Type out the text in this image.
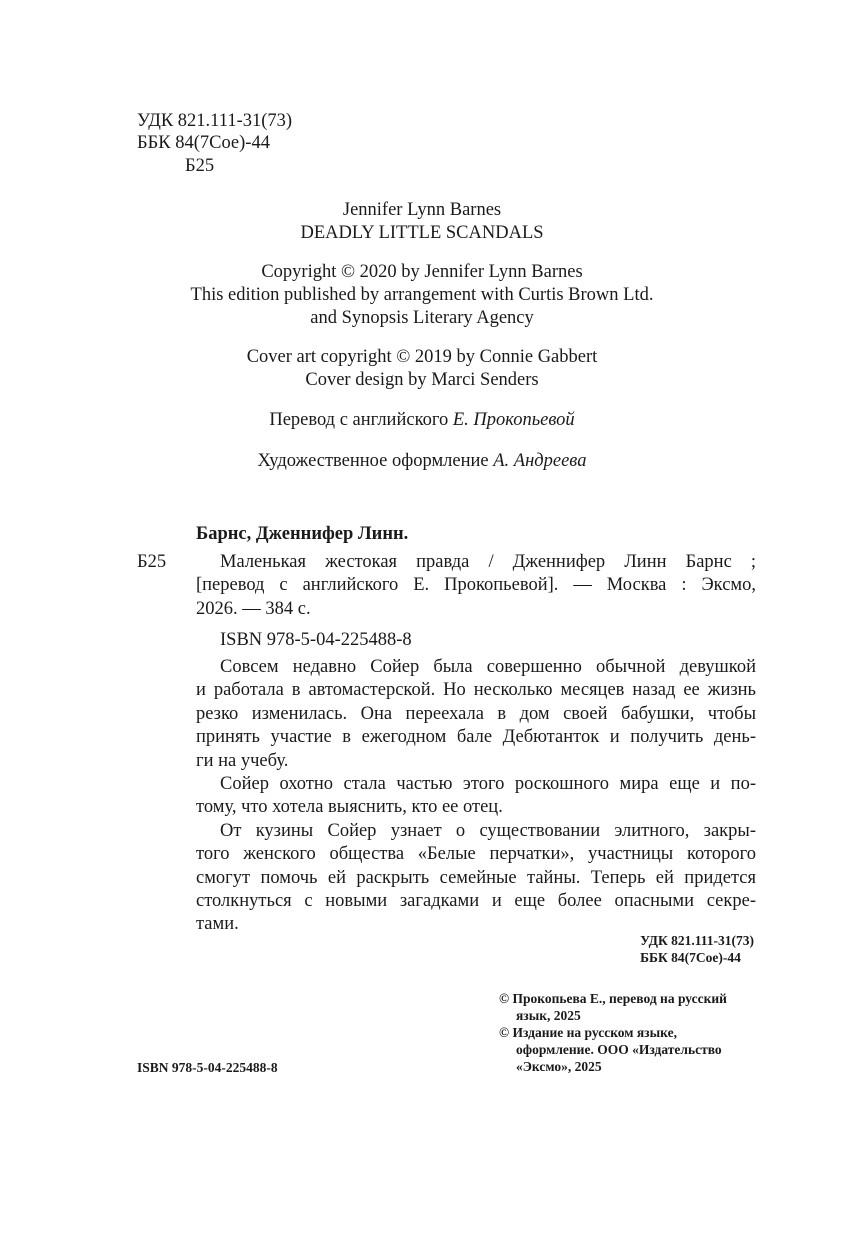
УДК 821.111-31(73)
ББК 84(7Сое)-44
Б25
Jennifer Lynn Barnes
DEADLY LITTLE SCANDALS
Copyright © 2020 by Jennifer Lynn Barnes
This edition published by arrangement with Curtis Brown Ltd.
and Synopsis Literary Agency
Cover art copyright © 2019 by Connie Gabbert
Cover design by Marci Senders
Перевод с английского Е. Прокопьевой
Художественное оформление А. Андреева
Барнс, Дженнифер Линн.
Б25	Маленькая жестокая правда / Дженнифер Линн Барнс ;
[перевод с английского Е. Прокопьевой]. — Москва : Эксмо,
2026. — 384 с.
ISBN 978-5-04-225488-8
Совсем недавно Сойер была совершенно обычной девушкой
и работала в автомастерской. Но несколько месяцев назад ее жизнь
резко изменилась. Она переехала в дом своей бабушки, чтобы
принять участие в ежегодном бале Дебютанток и получить день-
ги на учебу.
Сойер охотно стала частью этого роскошного мира еще и по-
тому, что хотела выяснить, кто ее отец.
От кузины Сойер узнает о существовании элитного, закры-
того женского общества «Белые перчатки», участницы которого
смогут помочь ей раскрыть семейные тайны. Теперь ей придется
столкнуться с новыми загадками и еще более опасными секре-
тами.
УДК 821.111-31(73)
ББК 84(7Сое)-44
ISBN 978-5-04-225488-8
© Прокопьева Е., перевод на русский
язык, 2025
© Издание на русском языке,
оформление. ООО «Издательство
«Эксмо», 2025
